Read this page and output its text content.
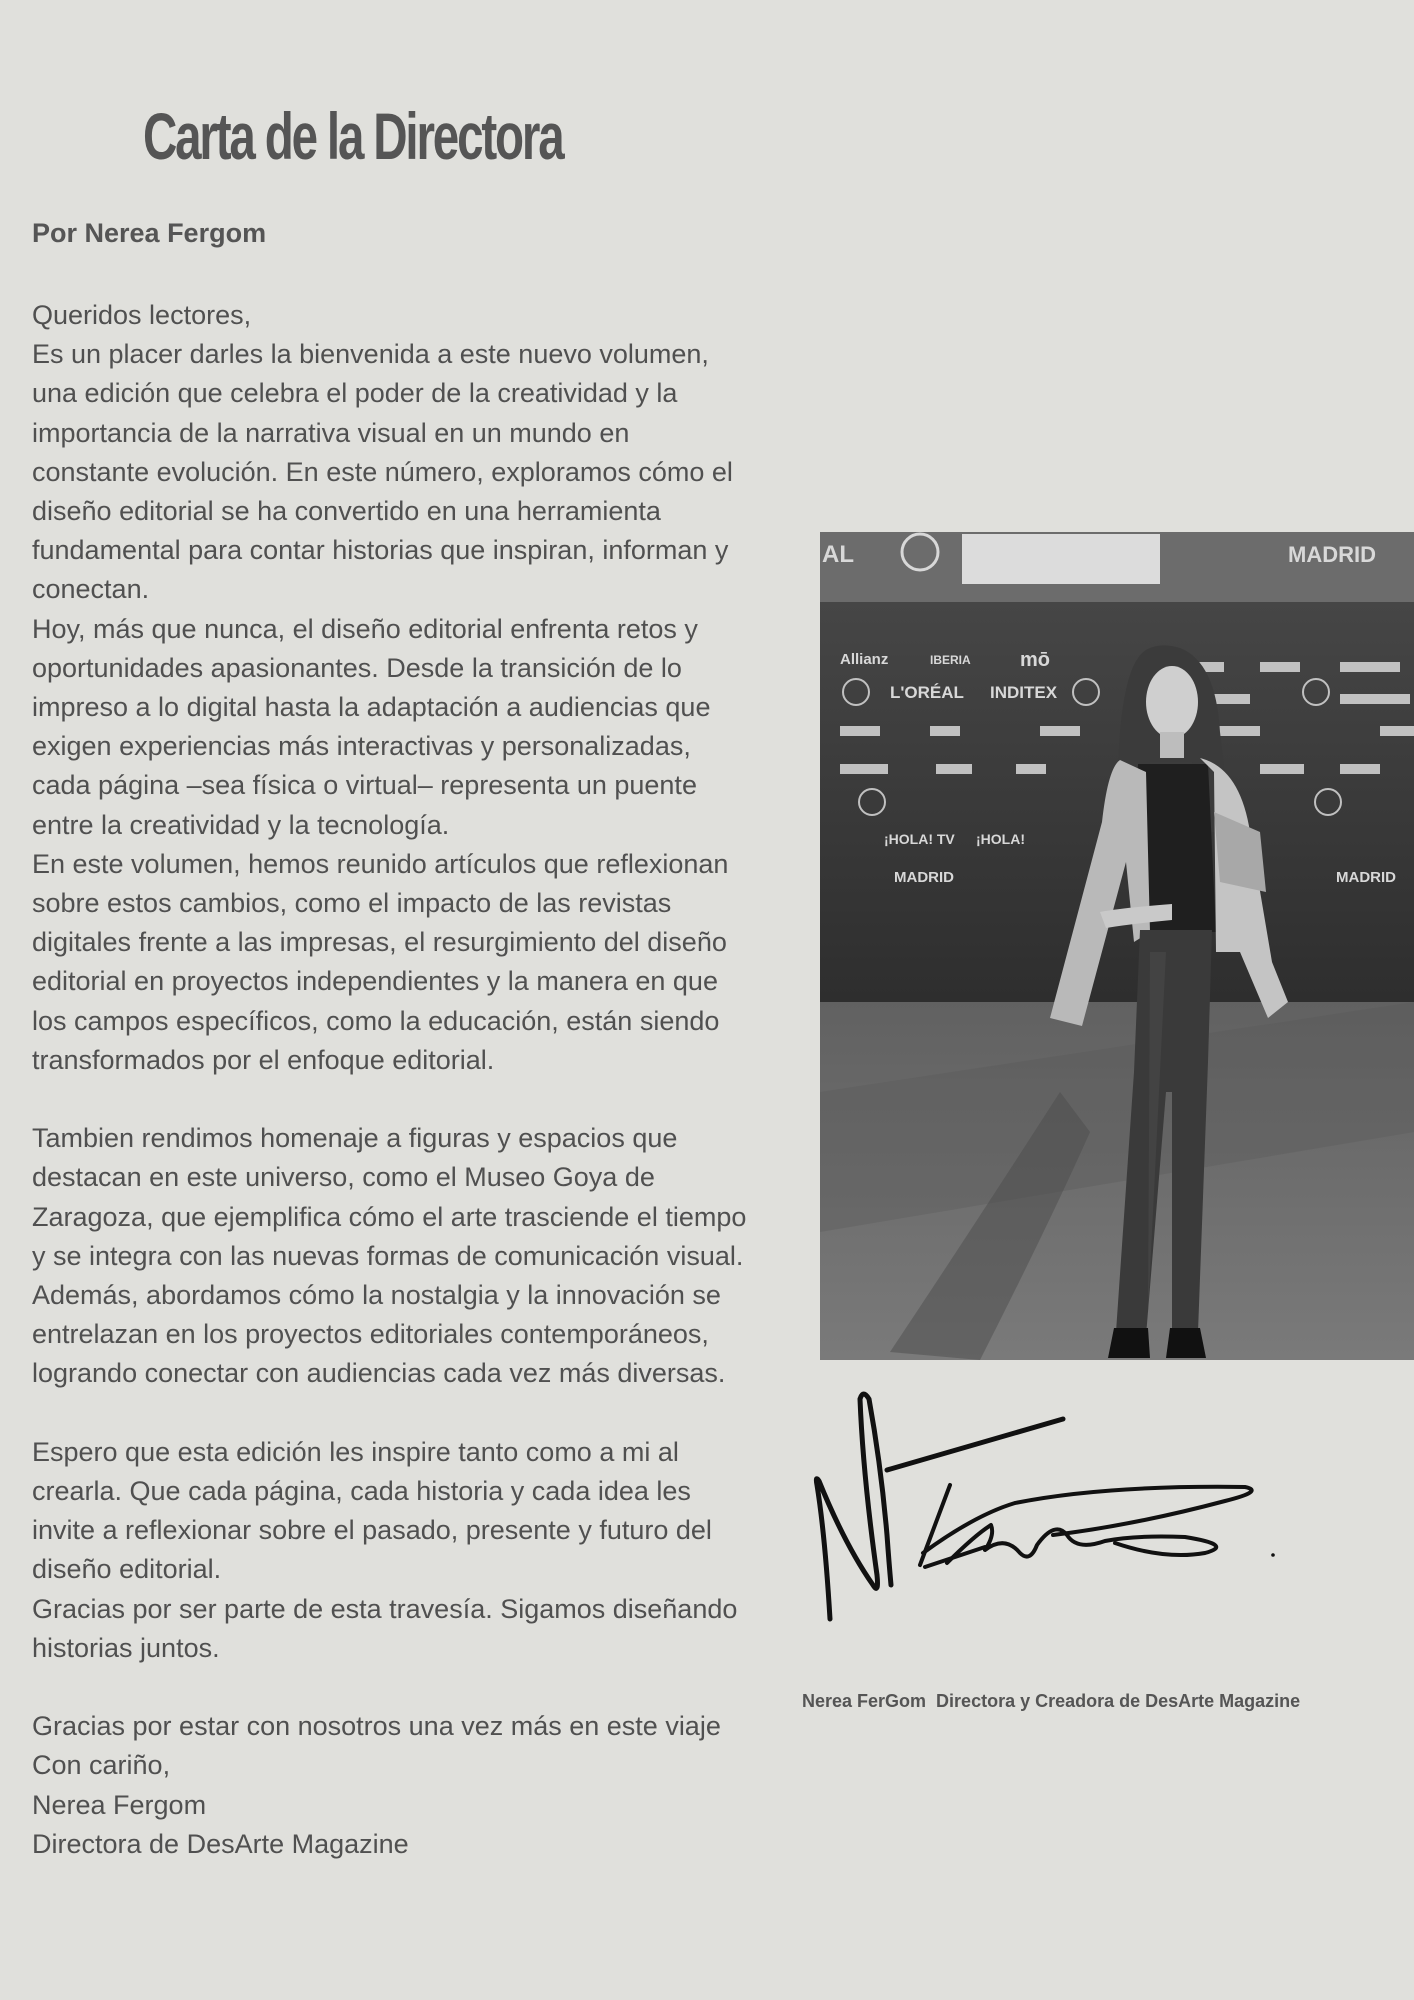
Carta de la Directora
Por Nerea Fergom

Queridos lectores,

Es un placer darles la bienvenida a este nuevo volumen,
una edición que celebra el poder de la creatividad y la
importancia de la narrativa visual en un mundo en
constante evolución. En este número, exploramos cómo el
diseño editorial se ha convertido en una herramienta
fundamental para contar historias que inspiran, informan y
conectan.

Hoy, más que nunca, el diseño editorial enfrenta retos y
oportunidades apasionantes. Desde la transición de lo
impreso a lo digital hasta la adaptación a audiencias que
exigen experiencias más interactivas y personalizadas,
cada página –sea física o virtual– representa un puente
entre la creatividad y la tecnología.

En este volumen, hemos reunido artículos que reflexionan
sobre estos cambios, como el impacto de las revistas
digitales frente a las impresas, el resurgimiento del diseño
editorial en proyectos independientes y la manera en que
los campos específicos, como la educación, están siendo
transformados por el enfoque editorial.

Tambien rendimos homenaje a figuras y espacios que
destacan en este universo, como el Museo Goya de
Zaragoza, que ejemplifica cómo el arte trasciende el tiempo
y se integra con las nuevas formas de comunicación visual.
Además, abordamos cómo la nostalgia y la innovación se
entrelazan en los proyectos editoriales contemporáneos,
logrando conectar con audiencias cada vez más diversas.

Espero que esta edición les inspire tanto como a mi al
crearla. Que cada página, cada historia y cada idea les
invite a reflexionar sobre el pasado, presente y futuro del
diseño editorial.

Gracias por ser parte de esta travesía. Sigamos diseñando
historias juntos.

Gracias por estar con nosotros una vez más en este viaje
Con cariño,
Nerea Fergom
Directora de DesArte Magazine

AL	MADRID
Allianz	IBERIA mō
L'ORÉAL INDITEX
¡HOLA! TV ¡HOLA!
MADRID	MADRID
Nerea FerGom  Directora y Creadora de DesArte Magazine
